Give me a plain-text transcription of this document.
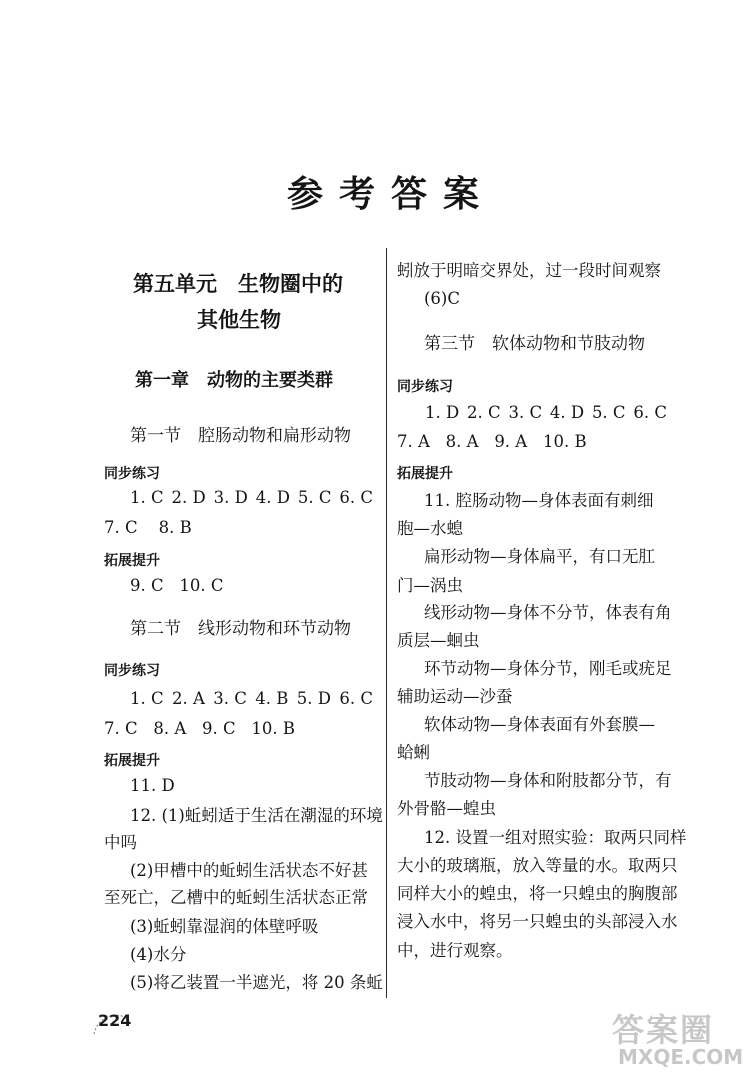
参考答案
第五单元　生物圈中的
其他生物
第一章　动物的主要类群
第一节　腔肠动物和扁形动物
同步练习
1. C 2. D 3. D 4. D 5. C 6. C
7. C 8. B
拓展提升
9. C 10. C
第二节　线形动物和环节动物
同步练习
1. C 2. A 3. C 4. B 5. D 6. C
7. C 8. A 9. C 10. B
拓展提升
11. D
12. (1)蚯蚓适于生活在潮湿的环境
中吗
(2)甲槽中的蚯蚓生活状态不好甚
至死亡，乙槽中的蚯蚓生活状态正常
(3)蚯蚓靠湿润的体壁呼吸
(4)水分
(5)将乙装置一半遮光，将 20 条蚯
蚓放于明暗交界处，过一段时间观察
(6)C
第三节　软体动物和节肢动物
同步练习
1. D 2. C 3. C 4. D 5. C 6. C
7. A 8. A 9. A 10. B
拓展提升
11. 腔肠动物—身体表面有刺细
胞—水螅
扁形动物—身体扁平，有口无肛
门—涡虫
线形动物—身体不分节，体表有角
质层—蛔虫
环节动物—身体分节，刚毛或疣足
辅助运动—沙蚕
软体动物—身体表面有外套膜—
蛤蜊
节肢动物—身体和附肢都分节，有
外骨骼—蝗虫
12. 设置一组对照实验：取两只同样
大小的玻璃瓶，放入等量的水。取两只
同样大小的蝗虫，将一只蝗虫的胸腹部
浸入水中，将另一只蝗虫的头部浸入水
中，进行观察。
224	答案圈
MXQE.COM
